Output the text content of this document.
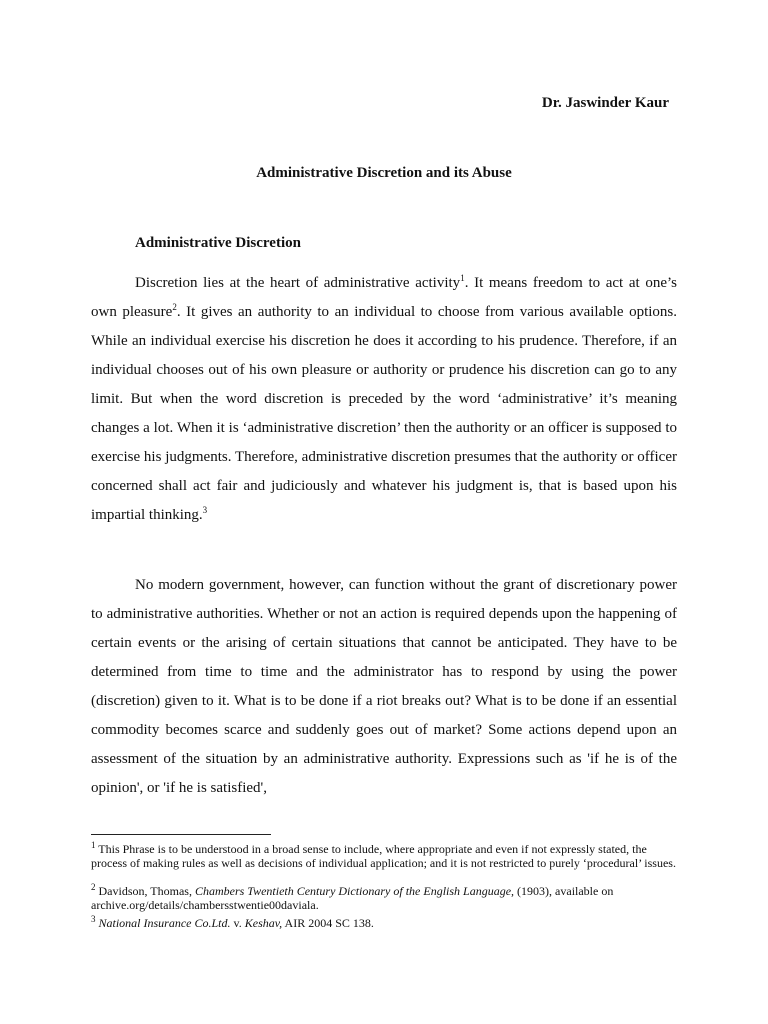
Dr. Jaswinder Kaur
Administrative Discretion and its Abuse
Administrative Discretion

Discretion lies at the heart of administrative activity$^1$. It means freedom to act at one’s own pleasure$^2$. It gives an authority to an individual to choose from various available options. While an individual exercise his discretion he does it according to his prudence. Therefore, if an individual chooses out of his own pleasure or authority or prudence his discretion can go to any limit. But when the word discretion is preceded by the word ‘administrative’ it’s meaning changes a lot. When it is ‘administrative discretion’ then the authority or an officer is supposed to exercise his judgments. Therefore, administrative discretion presumes that the authority or officer concerned shall act fair and judiciously and whatever his judgment is, that is based upon his impartial thinking.$^3$

No modern government, however, can function without the grant of discretionary power to administrative authorities. Whether or not an action is required depends upon the happening of certain events or the arising of certain situations that cannot be anticipated. They have to be determined from time to time and the administrator has to respond by using the power (discretion) given to it. What is to be done if a riot breaks out? What is to be done if an essential commodity becomes scarce and suddenly goes out of market? Some actions depend upon an assessment of the situation by an administrative authority. Expressions such as 'if he is of the opinion', or 'if he is satisfied',

$^1$ This Phrase is to be understood in a broad sense to include, where appropriate and even if not expressly stated, the process of making rules as well as decisions of individual application; and it is not restricted to purely ‘procedural’ issues.

$^2$ Davidson, Thomas, Chambers Twentieth Century Dictionary of the English Language, (1903), available on archive.org/details/chambersstwentie00daviala.

$^3$ National Insurance Co.Ltd. v. Keshav, AIR 2004 SC 138.
